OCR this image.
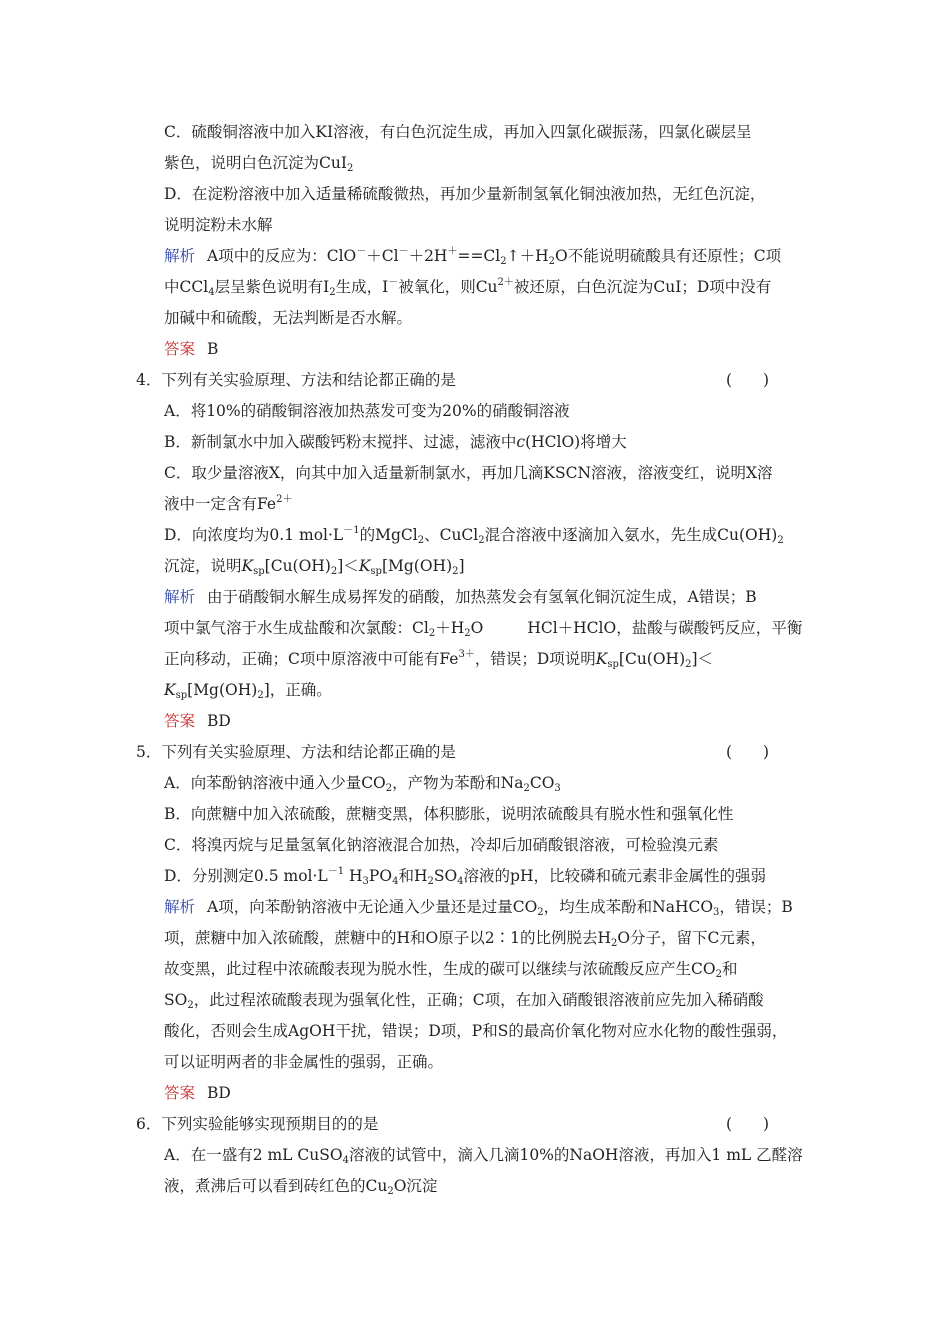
C．硫酸铜溶液中加入KI溶液，有白色沉淀生成，再加入四氯化碳振荡，四氯化碳层呈
紫色，说明白色沉淀为CuI$_2$
D．在淀粉溶液中加入适量稀硫酸微热，再加少量新制氢氧化铜浊液加热，无红色沉淀，
说明淀粉未水解
解析 A项中的反应为：$ClO^-+Cl^-+2H^+==Cl_2↑+H_2O$不能说明硫酸具有还原性；C项
中CCl$_4$层呈紫色说明有$I_2$生成，I－被氧化，则$Cu^{2+}$被还原，白色沉淀为CuI；D项中没有
加碱中和硫酸，无法判断是否水解。
答案 B
4．下列有关实验原理、方法和结论都正确的是	(　　)
A．将10%的硝酸铜溶液加热蒸发可变为20%的硝酸铜溶液
B．新制氯水中加入碳酸钙粉末搅拌、过滤，滤液中c(HClO)将增大
C．取少量溶液X，向其中加入适量新制氯水，再加几滴KSCN溶液，溶液变红，说明X溶
液中一定含有$Fe^{2+}$
D．向浓度均为0.1 $mol\cdot L^{-1}$的MgCl$_2$、CuCl$_2$混合溶液中逐滴加入氨水，先生成$Cu(OH)_2$
沉淀，说明$K_{sp}[Cu(OH)_2]<K_{sp}[Mg(OH)_2]$
解析 由于硝酸铜水解生成易挥发的硝酸，加热蒸发会有氢氧化铜沉淀生成，A错误；B
项中氯气溶于水生成盐酸和次氯酸：$Cl_2+H_2O$	HCl＋HClO，盐酸与碳酸钙反应，平衡
正向移动，正确；C项中原溶液中可能有$Fe^{3+}$，错误；D项说明$K_{sp}[Cu(OH)_2]<$
$K_{sp}[Mg(OH)_2]$，正确。
答案 BD
5．下列有关实验原理、方法和结论都正确的是	(　　)
A．向苯酚钠溶液中通入少量$CO_2$，产物为苯酚和$Na_2CO_3$
B．向蔗糖中加入浓硫酸，蔗糖变黑，体积膨胀，说明浓硫酸具有脱水性和强氧化性
C．将溴丙烷与足量氢氧化钠溶液混合加热，冷却后加硝酸银溶液，可检验溴元素
D．分别测定0.5 $mol\cdot L^{-1}$ $H_3PO_4$和$H_2SO_4$溶液的pH，比较磷和硫元素非金属性的强弱
解析 A项，向苯酚钠溶液中无论通入少量还是过量$CO_2$，均生成苯酚和NaHCO$_3$，错误；B
项，蔗糖中加入浓硫酸，蔗糖中的H和O原子以2∶1的比例脱去$H_2O$分子，留下C元素，
故变黑，此过程中浓硫酸表现为脱水性，生成的碳可以继续与浓硫酸反应产生$CO_2$和
$SO_2$，此过程浓硫酸表现为强氧化性，正确；C项，在加入硝酸银溶液前应先加入稀硝酸
酸化，否则会生成AgOH干扰，错误；D项，P和S的最高价氧化物对应水化物的酸性强弱，
可以证明两者的非金属性的强弱，正确。
答案 BD
6．下列实验能够实现预期目的的是	(　　)
A．在一盛有2 mL CuSO$_4$溶液的试管中，滴入几滴10%的NaOH溶液，再加入1 mL 乙醛溶
液，煮沸后可以看到砖红色的$Cu_2O$沉淀
